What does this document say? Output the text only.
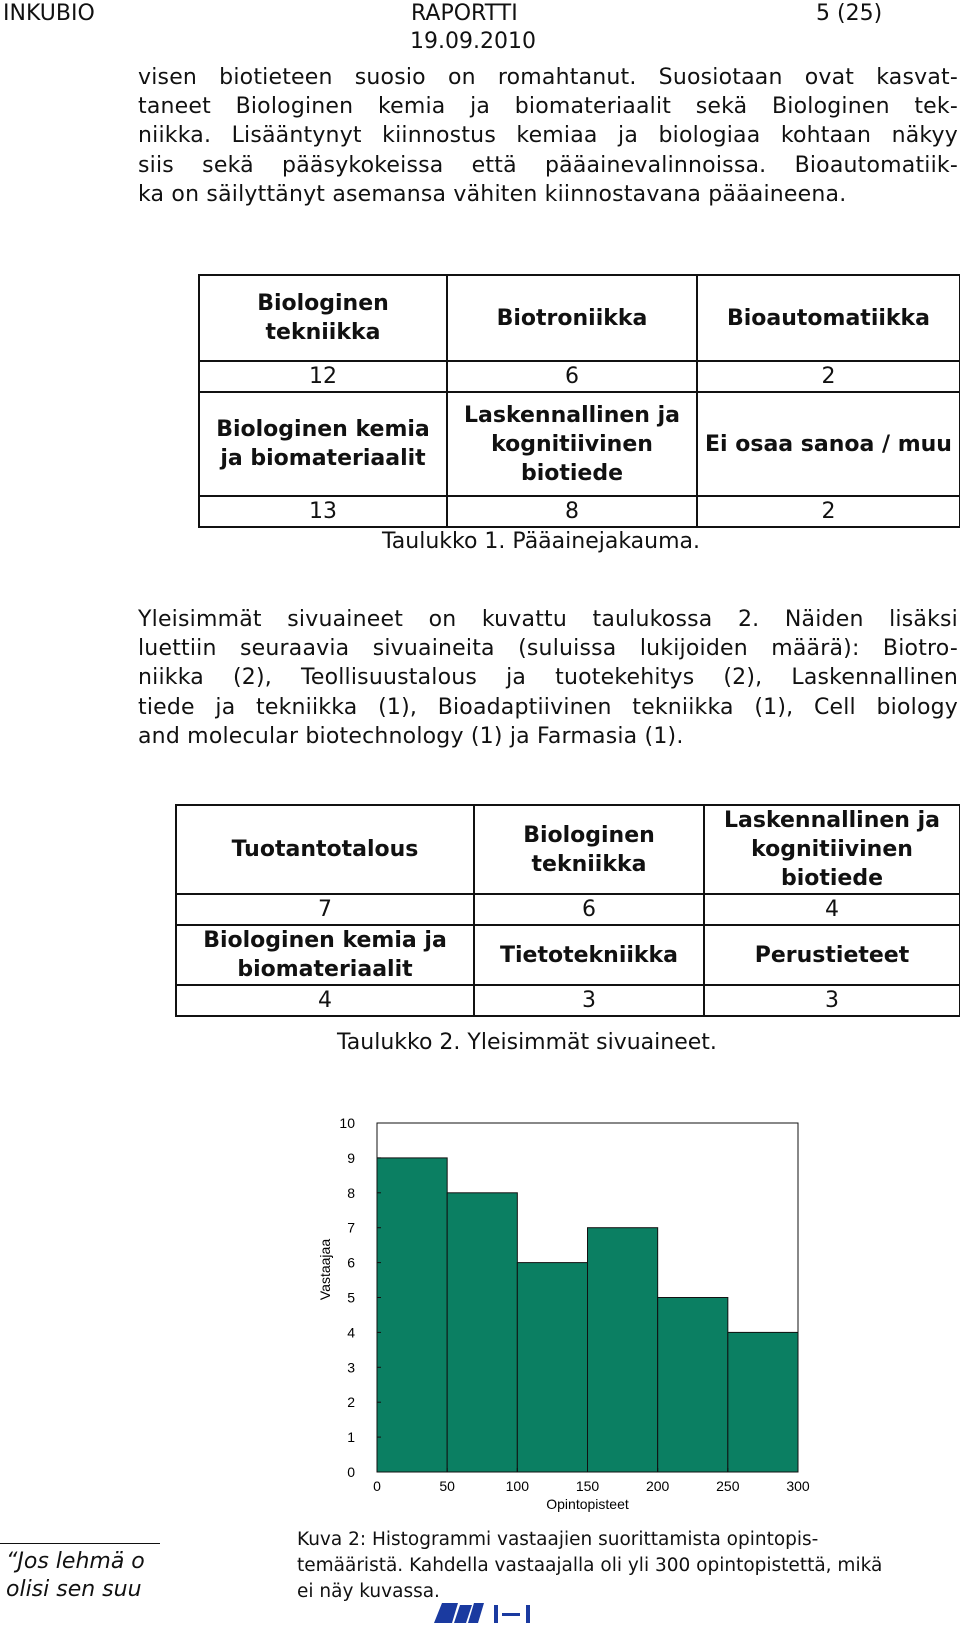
INKUBIO	RAPORTTI
19.09.2010
5 (25)
visen biotieteen suosio on romahtanut. Suosiotaan ovat kasvat-
taneet Biologinen kemia ja biomateriaalit sekä Biologinen tek-
niikka. Lisääntynyt kiinnostus kemiaa ja biologiaa kohtaan näkyy
siis sekä pääsykokeissa että pääainevalinnoissa. Bioautomatiik-
ka on säilyttänyt asemansa vähiten kiinnostavana pääaineena.
Biologinen tekniikka	Biotroniikka	Bioautomatiikka
12	6	2
Biologinen kemia ja biomateriaalit	Laskennallinen ja kognitiivinen biotiede	Ei osaa sanoa / muu
13	8	2
Taulukko 1. Pääainejakauma.
Yleisimmät sivuaineet on kuvattu taulukossa 2. Näiden lisäksi
luettiin seuraavia sivuaineita (suluissa lukijoiden määrä): Biotro-
niikka (2), Teollisuustalous ja tuotekehitys (2), Laskennallinen
tiede ja tekniikka (1), Bioadaptiivinen tekniikka (1), Cell biology
and molecular biotechnology (1) ja Farmasia (1).
Tuotantotalous	Biologinen tekniikka	Laskennallinen ja kognitiivinen biotiede
7	6	4
Biologinen kemia ja biomateriaalit	Tietotekniikka	Perustieteet
4	3	3
Taulukko 2. Yleisimmät sivuaineet.
0	50	100	150	200	250	300
0
1
2
3
4
5
6
7
8
9
10
Opintopisteet
Vastaajaa
Kuva 2: Histogrammi vastaajien suorittamista opintopis-
temääristä. Kahdella vastaajalla oli yli 300 opintopistettä, mikä
ei näy kuvassa.
“Jos lehmä o
olisi sen suu
